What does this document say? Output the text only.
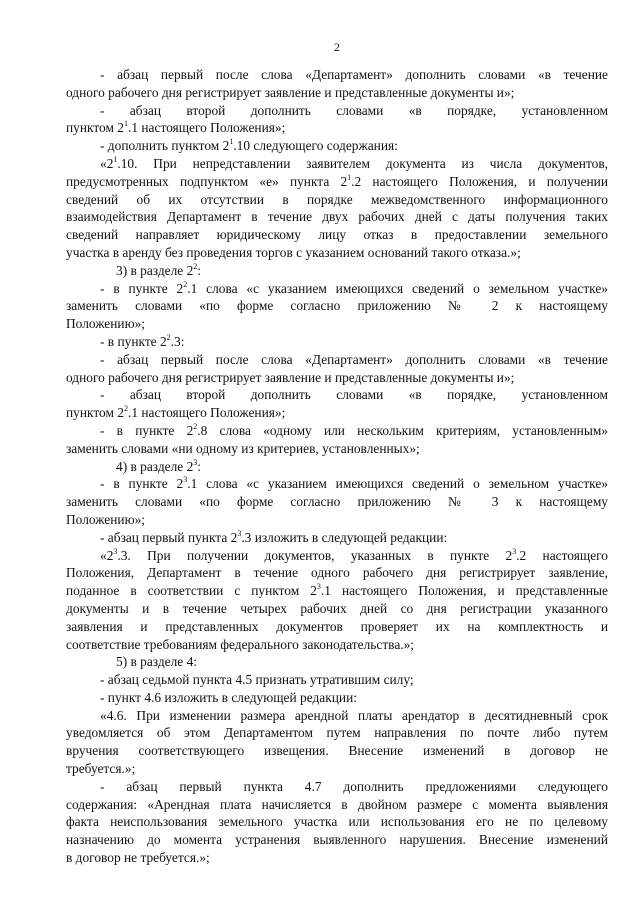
2
- абзац первый после слова «Департамент» дополнить словами «в течение
одного рабочего дня регистрирует заявление и представленные документы и»;
- абзац второй дополнить словами «в порядке, установленном
пунктом $2^1.1$ настоящего Положения»;
- дополнить пунктом $2^1.10$ следующего содержания:
«$2^1.10$. При непредставлении заявителем документа из числа документов,
предусмотренных подпунктом «е» пункта $2^1.2$ настоящего Положения, и получении
сведений об их отсутствии в порядке межведомственного информационного
взаимодействия Департамент в течение двух рабочих дней с даты получения таких
сведений направляет юридическому лицу отказ в предоставлении земельного
участка в аренду без проведения торгов с указанием оснований такого отказа.»;
3) в разделе $2^2$:
- в пункте $2^2.1$ слова «с указанием имеющихся сведений о земельном участке»
заменить словами «по форме согласно приложению № 2 к настоящему
Положению»;
- в пункте $2^2.3$:
- абзац первый после слова «Департамент» дополнить словами «в течение
одного рабочего дня регистрирует заявление и представленные документы и»;
- абзац второй дополнить словами «в порядке, установленном
пунктом $2^2.1$ настоящего Положения»;
- в пункте $2^2.8$ слова «одному или нескольким критериям, установленным»
заменить словами «ни одному из критериев, установленных»;
4) в разделе $2^3$:
- в пункте $2^3.1$ слова «с указанием имеющихся сведений о земельном участке»
заменить словами «по форме согласно приложению № 3 к настоящему
Положению»;
- абзац первый пункта $2^3.3$ изложить в следующей редакции:
«$2^3.3$. При получении документов, указанных в пункте $2^3.2$ настоящего
Положения, Департамент в течение одного рабочего дня регистрирует заявление,
поданное в соответствии с пунктом $2^3.1$ настоящего Положения, и представленные
документы и в течение четырех рабочих дней со дня регистрации указанного
заявления и представленных документов проверяет их на комплектность и
соответствие требованиям федерального законодательства.»;
5) в разделе 4:
- абзац седьмой пункта 4.5 признать утратившим силу;
- пункт 4.6 изложить в следующей редакции:
«4.6. При изменении размера арендной платы арендатор в десятидневный срок
уведомляется об этом Департаментом путем направления по почте либо путем
вручения соответствующего извещения. Внесение изменений в договор не
требуется.»;
- абзац первый пункта 4.7 дополнить предложениями следующего
содержания: «Арендная плата начисляется в двойном размере с момента выявления
факта неиспользования земельного участка или использования его не по целевому
назначению до момента устранения выявленного нарушения. Внесение изменений
в договор не требуется.»;
